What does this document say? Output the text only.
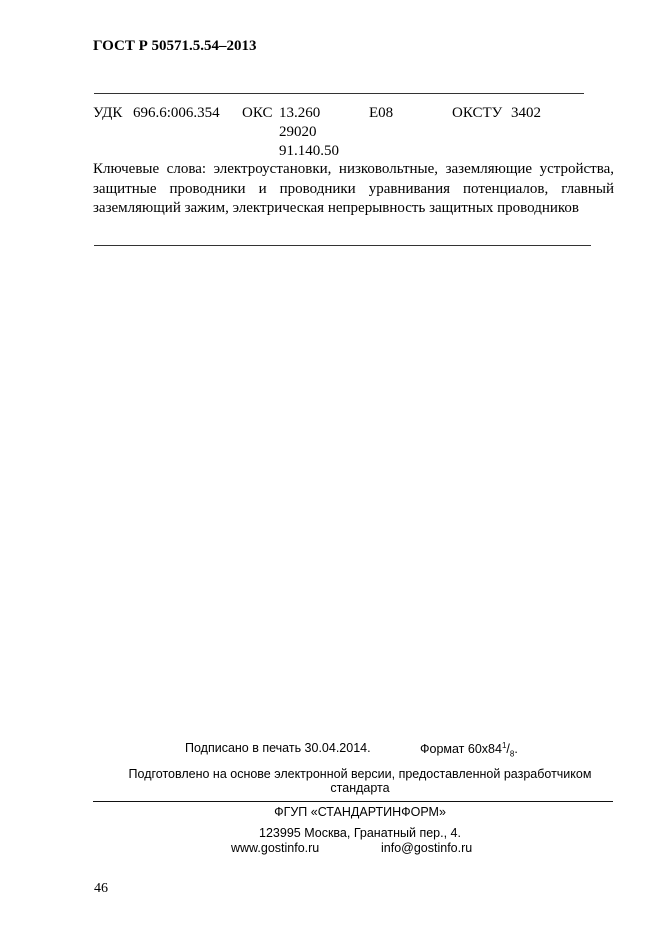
ГОСТ Р 50571.5.54–2013
УДК 696.6:006.354 ОКС 13.260
29020
91.140.50
Е08	ОКСТУ 3402
Ключевые слова: электроустановки, низковольтные, заземляющие устройства, защитные проводники и проводники уравнивания потенциалов, главный заземляющий зажим, электрическая непрерывность защитных проводников
Подписано в печать 30.04.2014.	Формат $60x84^1/_8$.
Подготовлено на основе электронной версии, предоставленной разработчиком
стандарта
ФГУП «СТАНДАРТИНФОРМ»
123995 Москва, Гранатный пер., 4.
www.gostinfo.ru	info@gostinfo.ru
46
